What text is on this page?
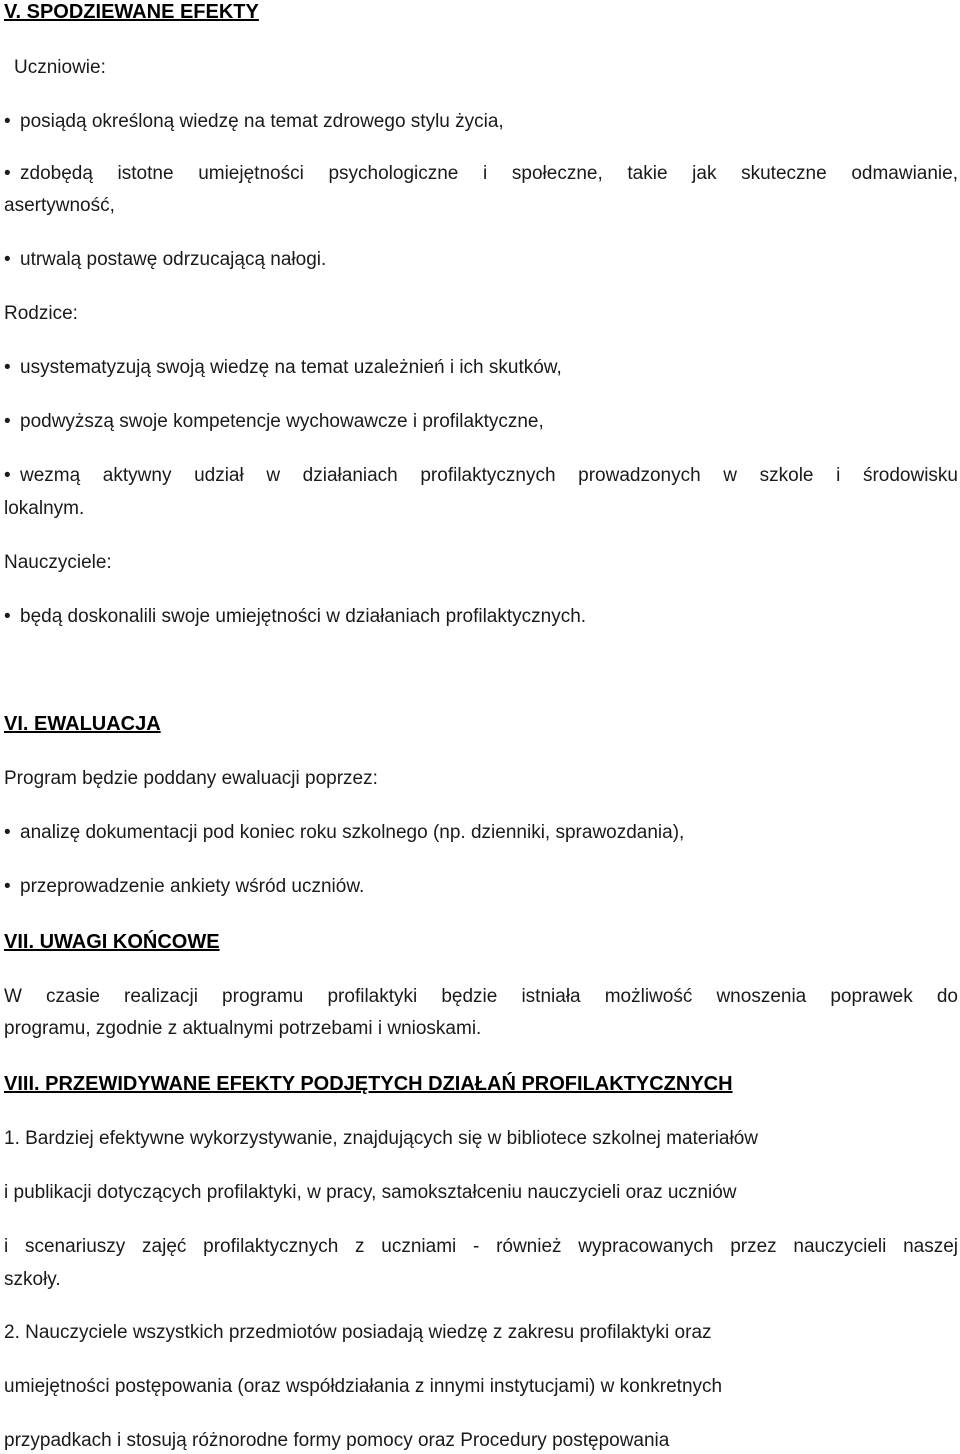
V. SPODZIEWANE EFEKTY
Uczniowie:
• posiądą określoną wiedzę na temat zdrowego stylu życia,
• zdobędą istotne umiejętności psychologiczne i społeczne, takie jak skuteczne odmawianie,
asertywność,
• utrwalą postawę odrzucającą nałogi.
Rodzice:
• usystematyzują swoją wiedzę na temat uzależnień i ich skutków,
• podwyższą swoje kompetencje wychowawcze i profilaktyczne,
• wezmą aktywny udział w działaniach profilaktycznych prowadzonych w szkole i środowisku
lokalnym.
Nauczyciele:
• będą doskonalili swoje umiejętności w działaniach profilaktycznych.
VI. EWALUACJA
Program będzie poddany ewaluacji poprzez:
• analizę dokumentacji pod koniec roku szkolnego (np. dzienniki, sprawozdania),
• przeprowadzenie ankiety wśród uczniów.
VII. UWAGI KOŃCOWE
W czasie realizacji programu profilaktyki będzie istniała możliwość wnoszenia poprawek do
programu, zgodnie z aktualnymi potrzebami i wnioskami.
VIII. PRZEWIDYWANE EFEKTY PODJĘTYCH DZIAŁAŃ PROFILAKTYCZNYCH
1. Bardziej efektywne wykorzystywanie, znajdujących się w bibliotece szkolnej materiałów
i publikacji dotyczących profilaktyki, w pracy, samokształceniu nauczycieli oraz uczniów
i scenariuszy zajęć profilaktycznych z uczniami - również wypracowanych przez nauczycieli naszej
szkoły.
2. Nauczyciele wszystkich przedmiotów posiadają wiedzę z zakresu profilaktyki oraz
umiejętności postępowania (oraz współdziałania z innymi instytucjami) w konkretnych
przypadkach i stosują różnorodne formy pomocy oraz Procedury postępowania
